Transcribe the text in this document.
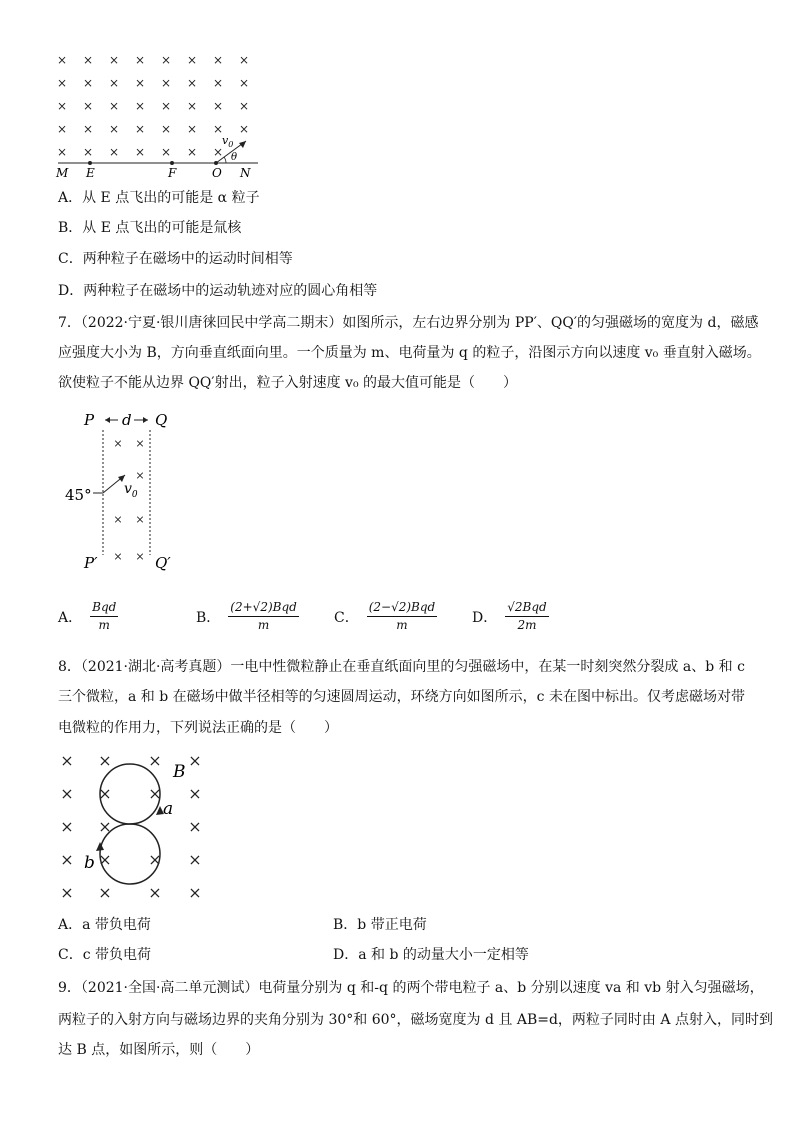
× × × × × × × ×
× × × × × × × ×
× × × × × × × ×
× × × × × × × ×
× × × × × × ×
$v_0$
θ
M E	F	O N
A．从 E 点飞出的可能是 α 粒子
B．从 E 点飞出的可能是氚核
C．两种粒子在磁场中的运动时间相等
D．两种粒子在磁场中的运动轨迹对应的圆心角相等
7．（2022·宁夏·银川唐徕回民中学高二期末）如图所示，左右边界分别为 PP′、QQ′的匀强磁场的宽度为 d，磁感
应强度大小为 B，方向垂直纸面向里。一个质量为 m、电荷量为 q 的粒子，沿图示方向以速度 v₀ 垂直射入磁场。
欲使粒子不能从边界 QQ′射出，粒子入射速度 v₀ 的最大值可能是（　　）
P	Q
P′	Q′
d
× ×
×
× ×
× ×
45° $v_0$
A． $\frac{\text{Bqd}}{m}$	B． $\frac{\text{(2+√2)Bqd}}{m}$	C． $\frac{\text{(2−√2)Bqd}}{m}$ D． $\frac{\text{√2Bqd}}{2m}$
8．（2021·湖北·高考真题）一电中性微粒静止在垂直纸面向里的匀强磁场中，在某一时刻突然分裂成 a、b 和 c
三个微粒，a 和 b 在磁场中做半径相等的匀速圆周运动，环绕方向如图所示，c 未在图中标出。仅考虑磁场对带
电微粒的作用力，下列说法正确的是（　　）
× × × ×
× × × ×
× ×	×
× × × ×
× × × ×
B
a
b
A．a 带负电荷	B．b 带正电荷
C．c 带负电荷	D．a 和 b 的动量大小一定相等
9．（2021·全国·高二单元测试）电荷量分别为 q 和-q 的两个带电粒子 a、b 分别以速度 va 和 vb 射入匀强磁场，
两粒子的入射方向与磁场边界的夹角分别为 30°和 60°，磁场宽度为 d 且 AB=d，两粒子同时由 A 点射入，同时到
达 B 点，如图所示，则（　　）
